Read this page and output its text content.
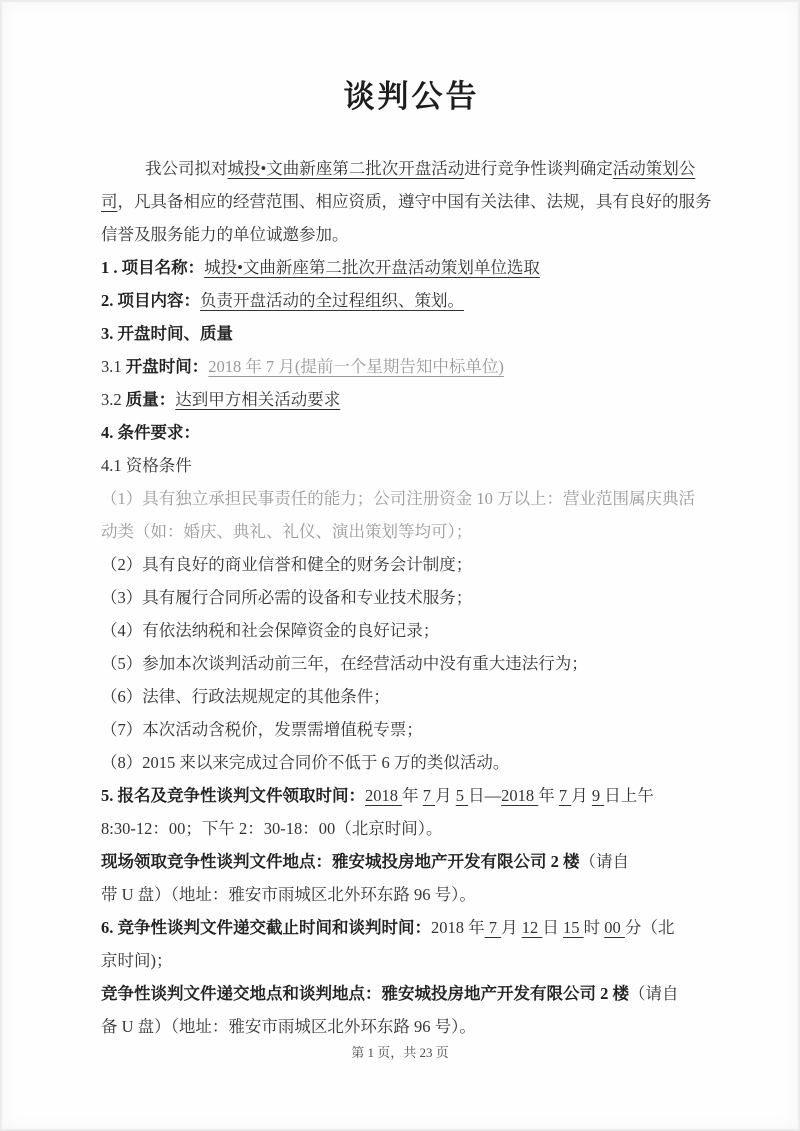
谈判公告

我公司拟对城投•文曲新座第二批次开盘活动进行竞争性谈判确定活动策划公

司，凡具备相应的经营范围、相应资质，遵守中国有关法律、法规，具有良好的服务

信誉及服务能力的单位诚邀参加。

1 . 项目名称：城投•文曲新座第二批次开盘活动策划单位选取

2. 项目内容：负责开盘活动的全过程组织、策划。

3. 开盘时间、质量

3.1 开盘时间：2018 年 7 月(提前一个星期告知中标单位)

3.2 质量：达到甲方相关活动要求

4. 条件要求：

4.1 资格条件

（1）具有独立承担民事责任的能力；公司注册资金 10 万以上：营业范围属庆典活

动类（如：婚庆、典礼、礼仪、演出策划等均可）；

（2）具有良好的商业信誉和健全的财务会计制度；

（3）具有履行合同所必需的设备和专业技术服务；

（4）有依法纳税和社会保障资金的良好记录；

（5）参加本次谈判活动前三年，在经营活动中没有重大违法行为；

（6）法律、行政法规规定的其他条件；

（7）本次活动含税价，发票需增值税专票；

（8）2015 来以来完成过合同价不低于 6 万的类似活动。

5. 报名及竞争性谈判文件领取时间：2018 年 7 月 5 日—2018 年 7 月 9 日上午

8:30-12：00；下午 2：30-18：00（北京时间）。

现场领取竞争性谈判文件地点：雅安城投房地产开发有限公司 2 楼（请自

带 U 盘）（地址：雅安市雨城区北外环东路 96 号）。

6. 竞争性谈判文件递交截止时间和谈判时间：2018 年 7 月 12 日 15 时 00 分（北

京时间)；

竞争性谈判文件递交地点和谈判地点：雅安城投房地产开发有限公司 2 楼（请自

备 U 盘）（地址：雅安市雨城区北外环东路 96 号）。

第 1 页，共 23 页
